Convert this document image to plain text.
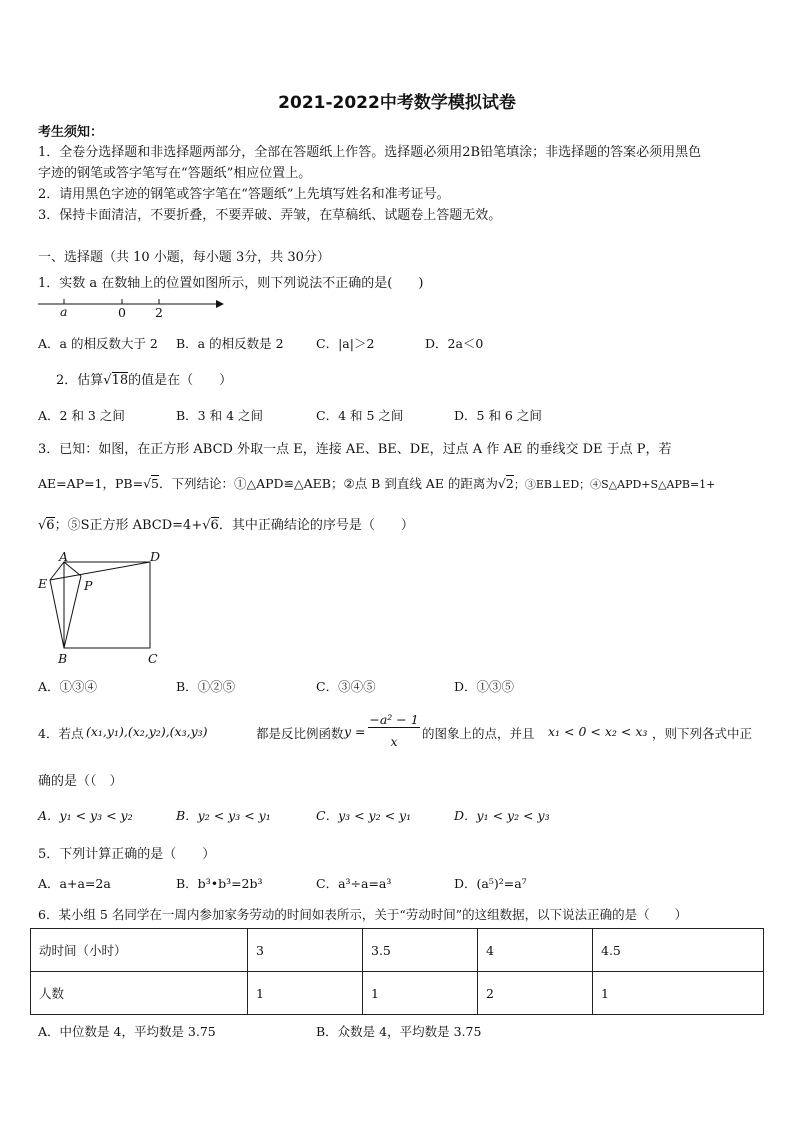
2021-2022中考数学模拟试卷
考生须知：
1．全卷分选择题和非选择题两部分，全部在答题纸上作答。选择题必须用2B铅笔填涂；非选择题的答案必须用黑色
字迹的钢笔或答字笔写在“答题纸”相应位置上。
2．请用黑色字迹的钢笔或答字笔在“答题纸”上先填写姓名和准考证号。
3．保持卡面清洁，不要折叠，不要弄破、弄皱，在草稿纸、试题卷上答题无效。
一、选择题（共 10 小题，每小题 3分，共 30分）
1．实数 a 在数轴上的位置如图所示，则下列说法不正确的是(　　)
a	0 2
A．a 的相反数大于 2 B．a 的相反数是 2	C．|a|＞2	D．2a＜0
2．估算√18的值是在（　　）
A．2 和 3 之间	B．3 和 4 之间	C．4 和 5 之间	D．5 和 6 之间
3．已知：如图，在正方形 ABCD 外取一点 E，连接 AE、BE、DE，过点 A 作 AE 的垂线交 DE 于点 P，若
AE=AP=1，PB=√5．下列结论：①△APD≌△AEB；②点 B 到直线 AE 的距离为√2；③EB⊥ED；④S△APD+S△APB=1+
√6；⑤S正方形 ABCD=4+√6．其中正确结论的序号是（　　）
A	D
E	P
B	C
A．①③④	B．①②⑤	C．③④⑤	D．①③⑤
4．若点 (x₁,y₁),(x₂,y₂),(x₃,y₃)	都是反比例函数 y =
−a² − 1
x
的图象上的点，并且 x₁ < 0 < x₂ < x₃ ，则下列各式中正
确的是（（　）
A．y₁ < y₃ < y₂	B．y₂ < y₃ < y₁	C．y₃ < y₂ < y₁	D．y₁ < y₂ < y₃
5．下列计算正确的是（　　）
A．a+a=2a	B．b³•b³=2b³	C．a³÷a=a³	D．(a⁵)²=a⁷
6．某小组 5 名同学在一周内参加家务劳动的时间如表所示，关于“劳动时间”的这组数据，以下说法正确的是（　　）
动时间（小时）	3	3.5	4	4.5
人数	1	1	2	1
A．中位数是 4，平均数是 3.75	B．众数是 4，平均数是 3.75
